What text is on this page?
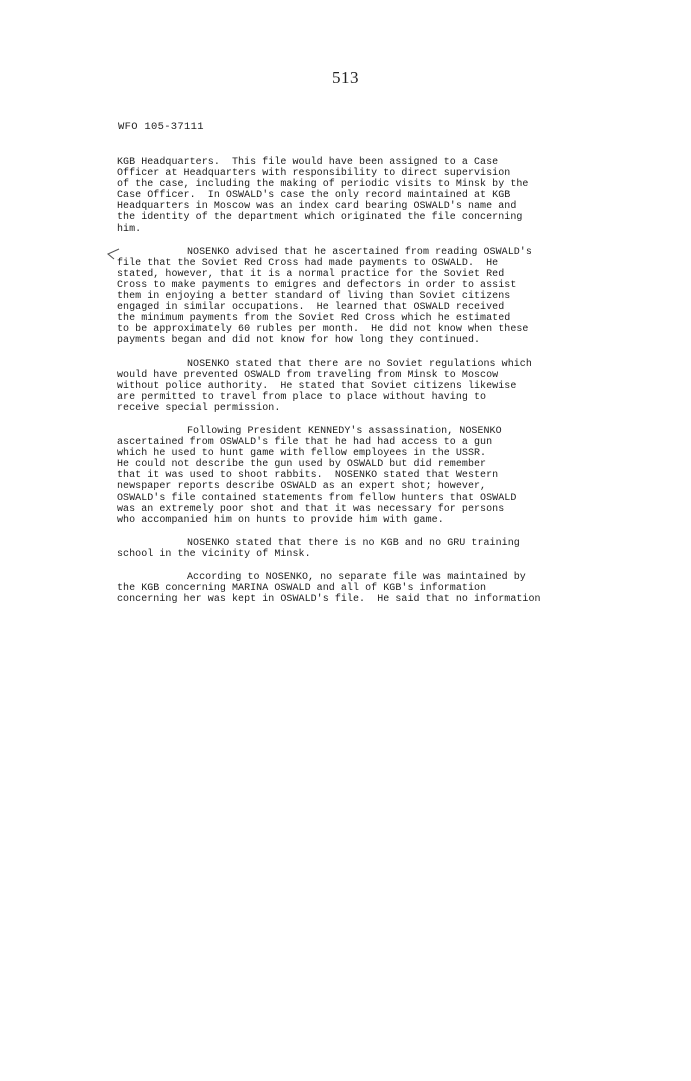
513
WFO 105-37111
KGB Headquarters.  This file would have been assigned to a Case
Officer at Headquarters with responsibility to direct supervision
of the case, including the making of periodic visits to Minsk by the
Case Officer.  In OSWALD's case the only record maintained at KGB
Headquarters in Moscow was an index card bearing OSWALD's name and
the identity of the department which originated the file concerning
him.
NOSENKO advised that he ascertained from reading OSWALD's
file that the Soviet Red Cross had made payments to OSWALD.  He
stated, however, that it is a normal practice for the Soviet Red
Cross to make payments to emigres and defectors in order to assist
them in enjoying a better standard of living than Soviet citizens
engaged in similar occupations.  He learned that OSWALD received
the minimum payments from the Soviet Red Cross which he estimated
to be approximately 60 rubles per month.  He did not know when these
payments began and did not know for how long they continued.
NOSENKO stated that there are no Soviet regulations which
would have prevented OSWALD from traveling from Minsk to Moscow
without police authority.  He stated that Soviet citizens likewise
are permitted to travel from place to place without having to
receive special permission.
Following President KENNEDY's assassination, NOSENKO
ascertained from OSWALD's file that he had had access to a gun
which he used to hunt game with fellow employees in the USSR.
He could not describe the gun used by OSWALD but did remember
that it was used to shoot rabbits.  NOSENKO stated that Western
newspaper reports describe OSWALD as an expert shot; however,
OSWALD's file contained statements from fellow hunters that OSWALD
was an extremely poor shot and that it was necessary for persons
who accompanied him on hunts to provide him with game.
NOSENKO stated that there is no KGB and no GRU training
school in the vicinity of Minsk.
According to NOSENKO, no separate file was maintained by
the KGB concerning MARINA OSWALD and all of KGB's information
concerning her was kept in OSWALD's file.  He said that no information
